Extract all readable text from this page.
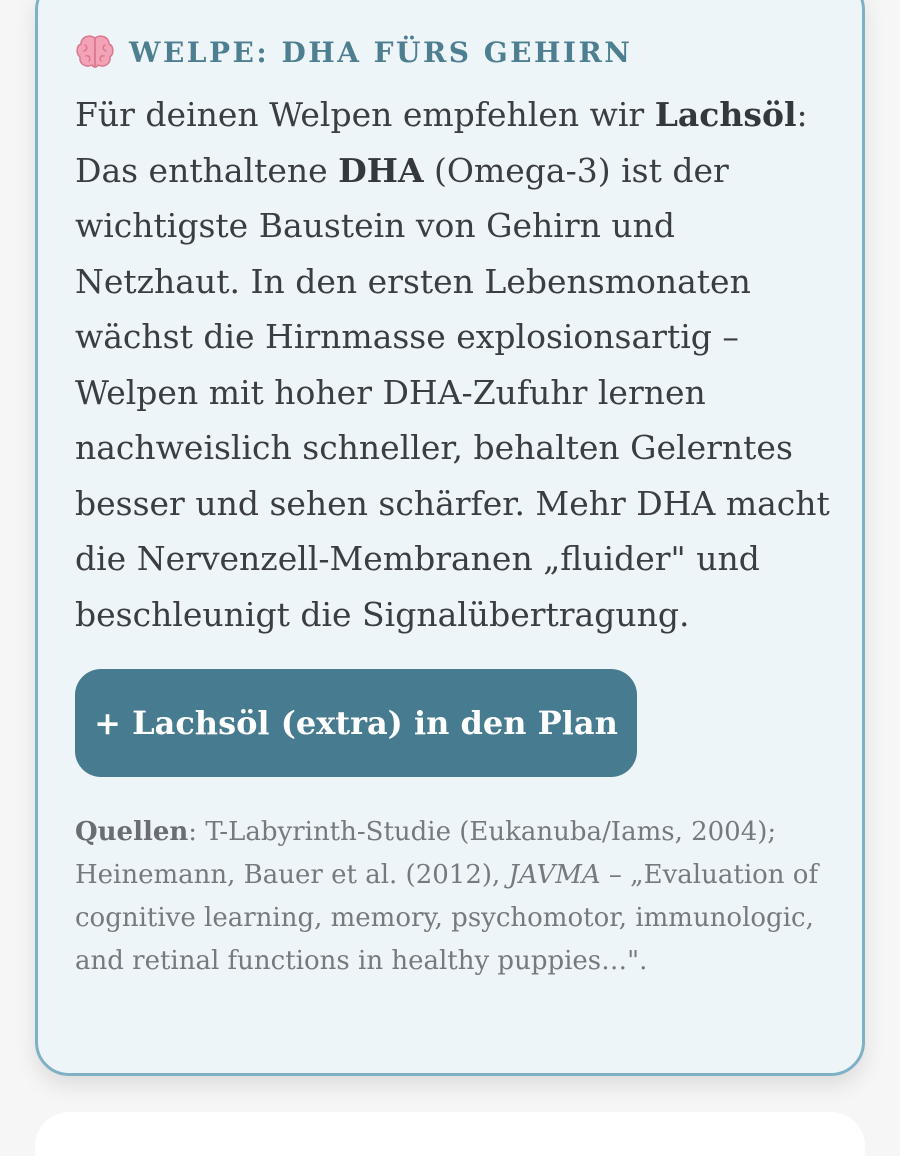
WELPE: DHA FÜRS GEHIRN
Für deinen Welpen empfehlen wir Lachsöl: Das enthaltene DHA (Omega-3) ist der wichtigste Baustein von Gehirn und Netzhaut. In den ersten Lebensmonaten wächst die Hirnmasse explosionsartig – Welpen mit hoher DHA-Zufuhr lernen nachweislich schneller, behalten Gelerntes besser und sehen schärfer. Mehr DHA macht die Nervenzell-Membranen „fluider" und beschleunigt die Signalübertragung.
+ Lachsöl (extra) in den Plan
Quellen: T-Labyrinth-Studie (Eukanuba/Iams, 2004); Heinemann, Bauer et al. (2012), JAVMA – „Evaluation of cognitive learning, memory, psychomotor, immunologic, and retinal functions in healthy puppies…".
